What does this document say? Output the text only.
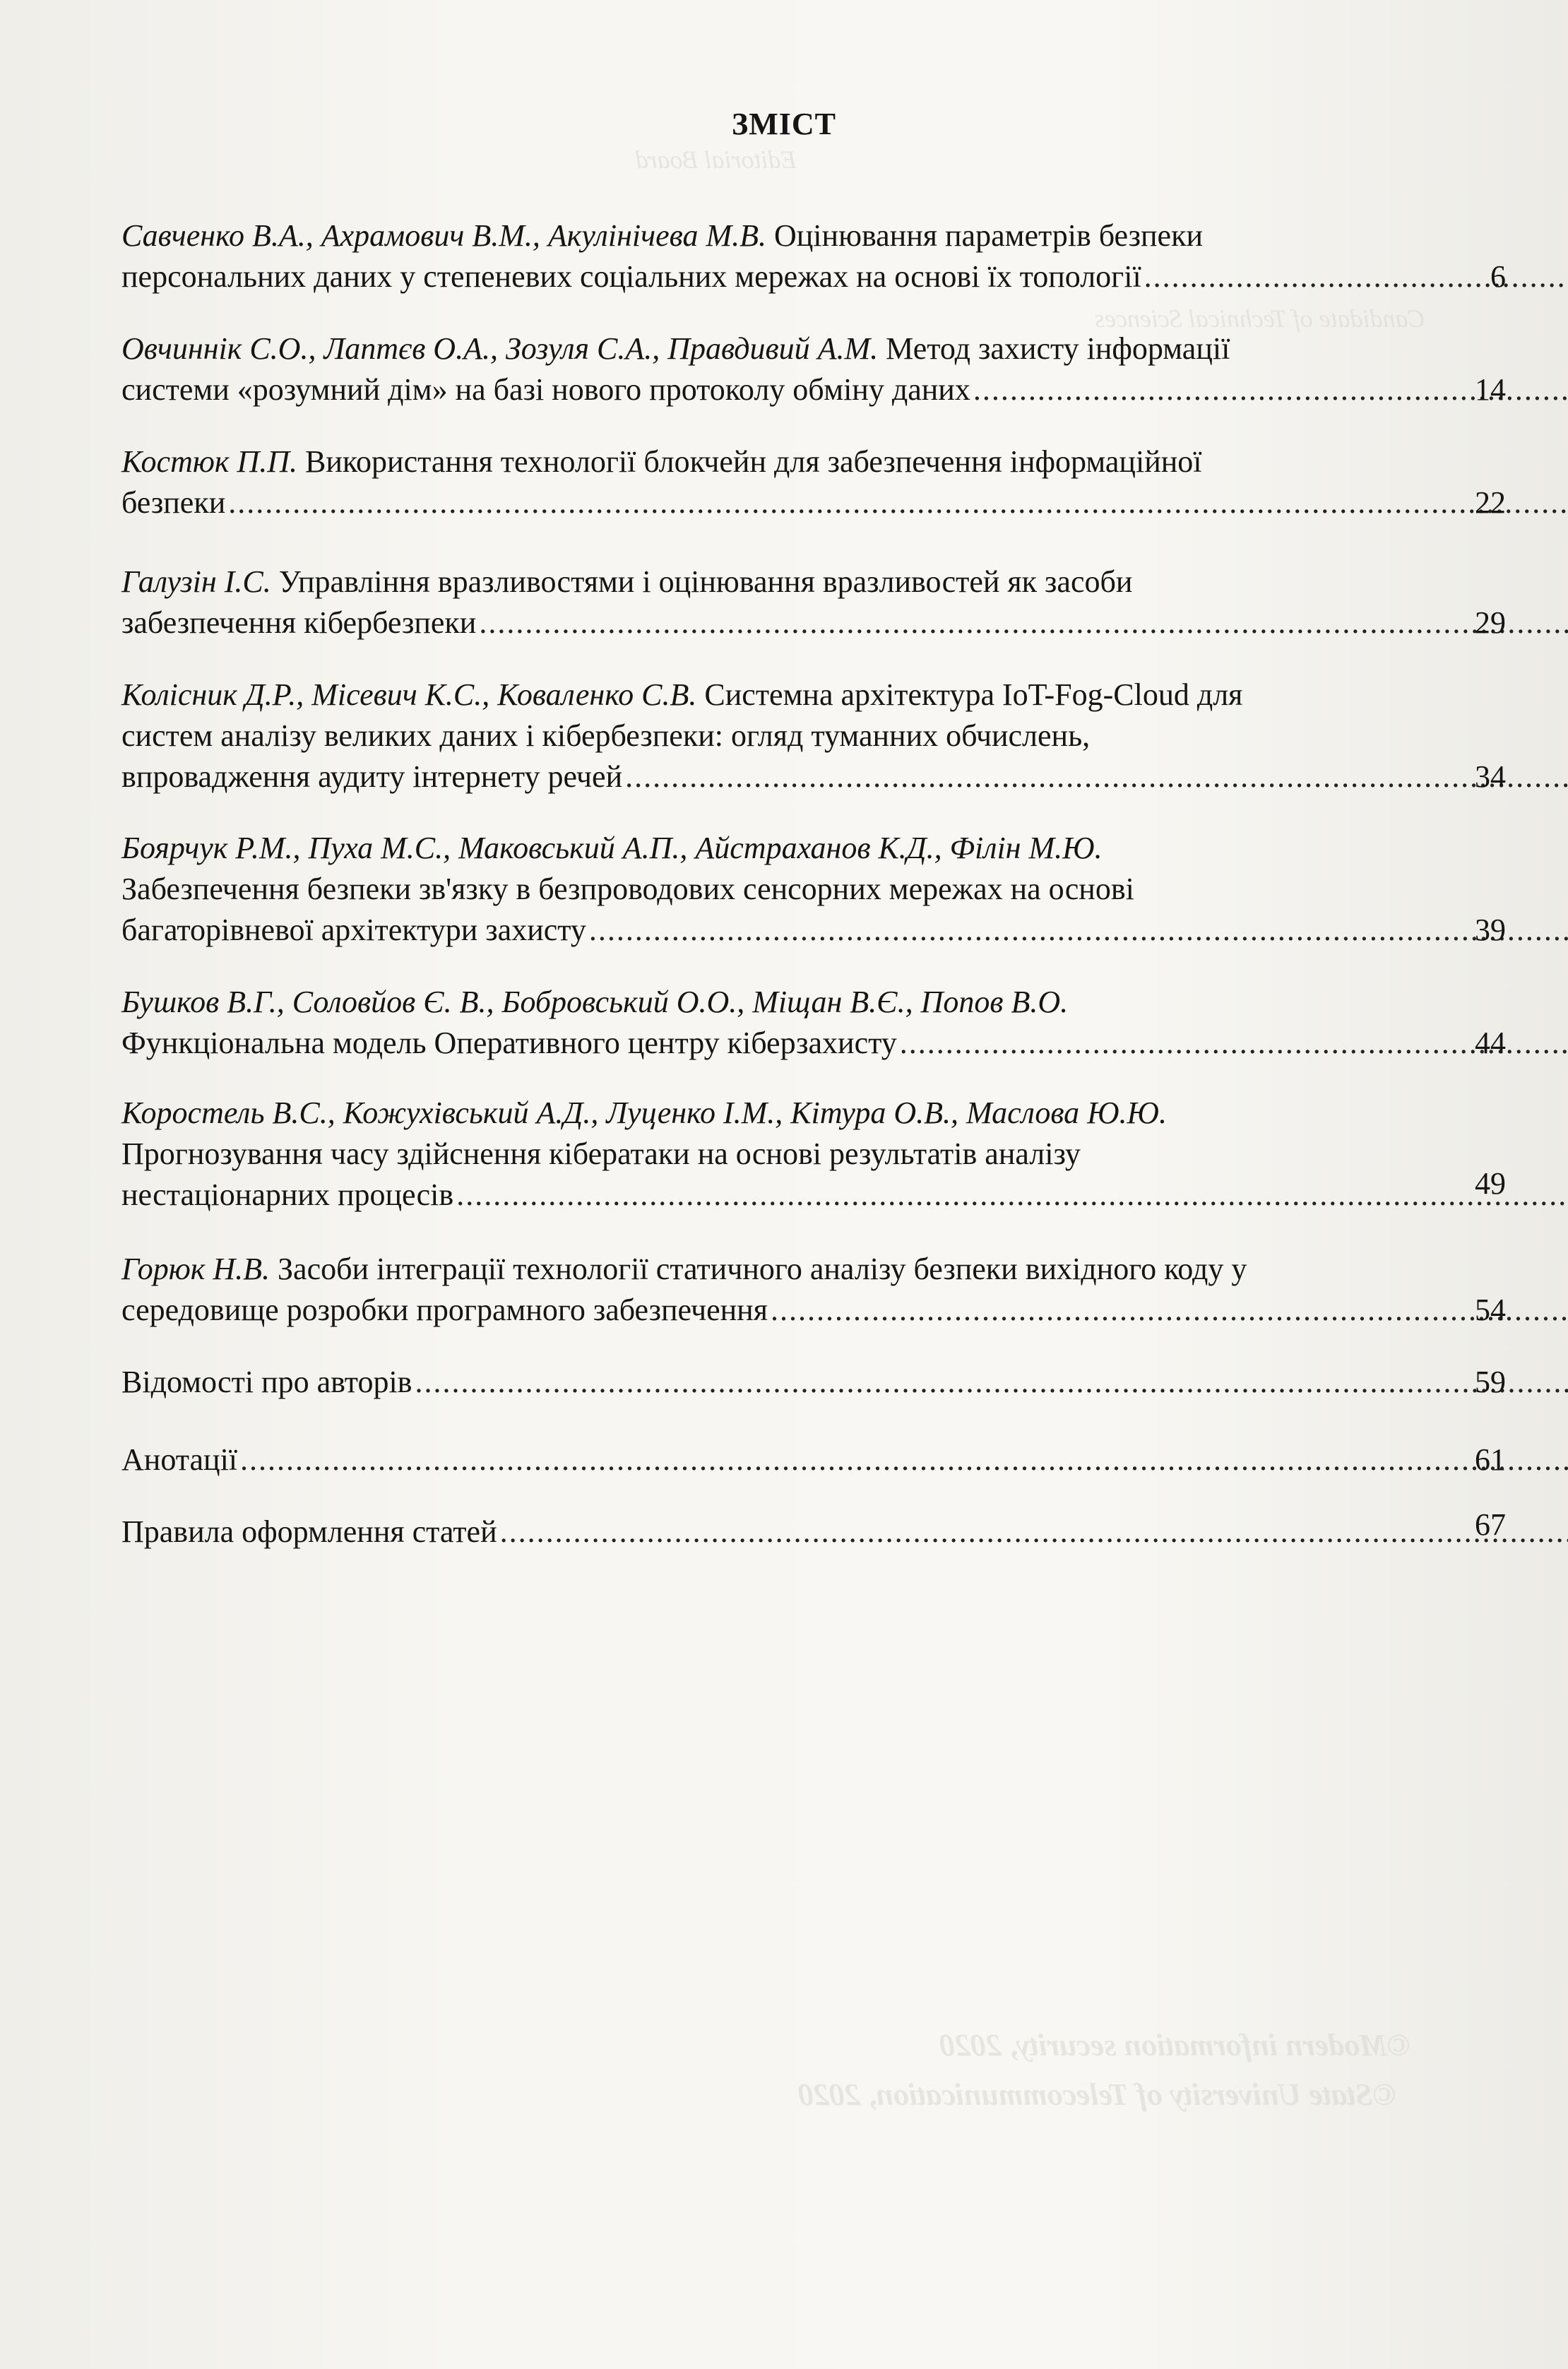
Editorial Board
Candidate of Technical Sciences
©Modern information security, 2020
©State University of Telecommunication, 2020
ЗМІСТ
Савченко В.А., Ахрамович В.М., Акулінічева М.В. Оцінювання параметрів безпеки
персональних даних у степеневих соціальних мережах на основі їх топології .....	6
Овчиннік С.О., Лаптєв О.А., Зозуля С.А., Правдивий А.М. Метод захисту інформації
системи «розумний дім» на базі нового протоколу обміну даних .....	14
Костюк П.П. Використання технології блокчейн для забезпечення інформаційної
безпеки .....	22
Галузін І.С. Управління вразливостями і оцінювання вразливостей як засоби
забезпечення кібербезпеки .....	29
Колісник Д.Р., Місевич К.С., Коваленко С.В. Системна архітектура IoT-Fog-Cloud для
систем аналізу великих даних і кібербезпеки: огляд туманних обчислень,
впровадження аудиту інтернету речей .....	34
Боярчук Р.М., Пуха М.С., Маковський А.П., Айстраханов К.Д., Філін М.Ю.
Забезпечення безпеки зв'язку в безпроводових сенсорних мережах на основі
багаторівневої архітектури захисту .....	39
Бушков В.Г., Соловйов Є. В., Бобровський О.О., Міщан В.Є., Попов В.О.
Функціональна модель Оперативного центру кіберзахисту .....	44
Коростель В.С., Кожухівський А.Д., Луценко І.М., Кітура О.В., Маслова Ю.Ю.
Прогнозування часу здійснення кібератаки на основі результатів аналізу
нестаціонарних процесів .....	49
Горюк Н.В. Засоби інтеграції технології статичного аналізу безпеки вихідного коду у
середовище розробки програмного забезпечення .....	54
Відомості про авторів .....	59
Анотації .....	61
Правила оформлення статей .....	67
